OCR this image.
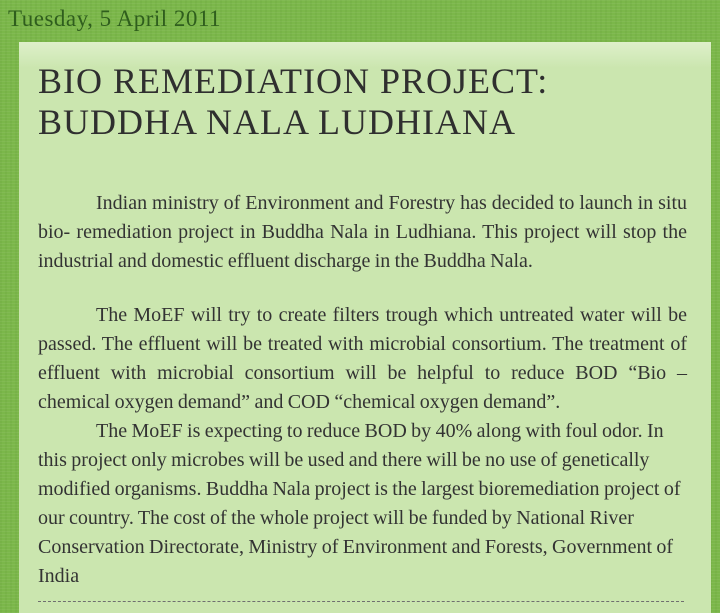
Tuesday, 5 April 2011
BIO REMEDIATION PROJECT:
BUDDHA NALA LUDHIANA
Indian ministry of Environment and Forestry has decided to launch in situ bio- remediation project in Buddha Nala in Ludhiana. This project will stop the industrial and domestic effluent discharge in the Buddha Nala.
The MoEF will try to create filters trough which untreated water will be passed. The effluent will be treated with microbial consortium. The treatment of effluent with microbial consortium will be helpful to reduce BOD “Bio – chemical oxygen demand” and COD “chemical oxygen demand”.
The MoEF is expecting to reduce BOD by 40% along with foul odor. In this project only microbes will be used and there will be no use of genetically modified organisms. Buddha Nala project is the largest bioremediation project of our country. The cost of the whole project will be funded by National River Conservation Directorate, Ministry of Environment and Forests, Government of India
